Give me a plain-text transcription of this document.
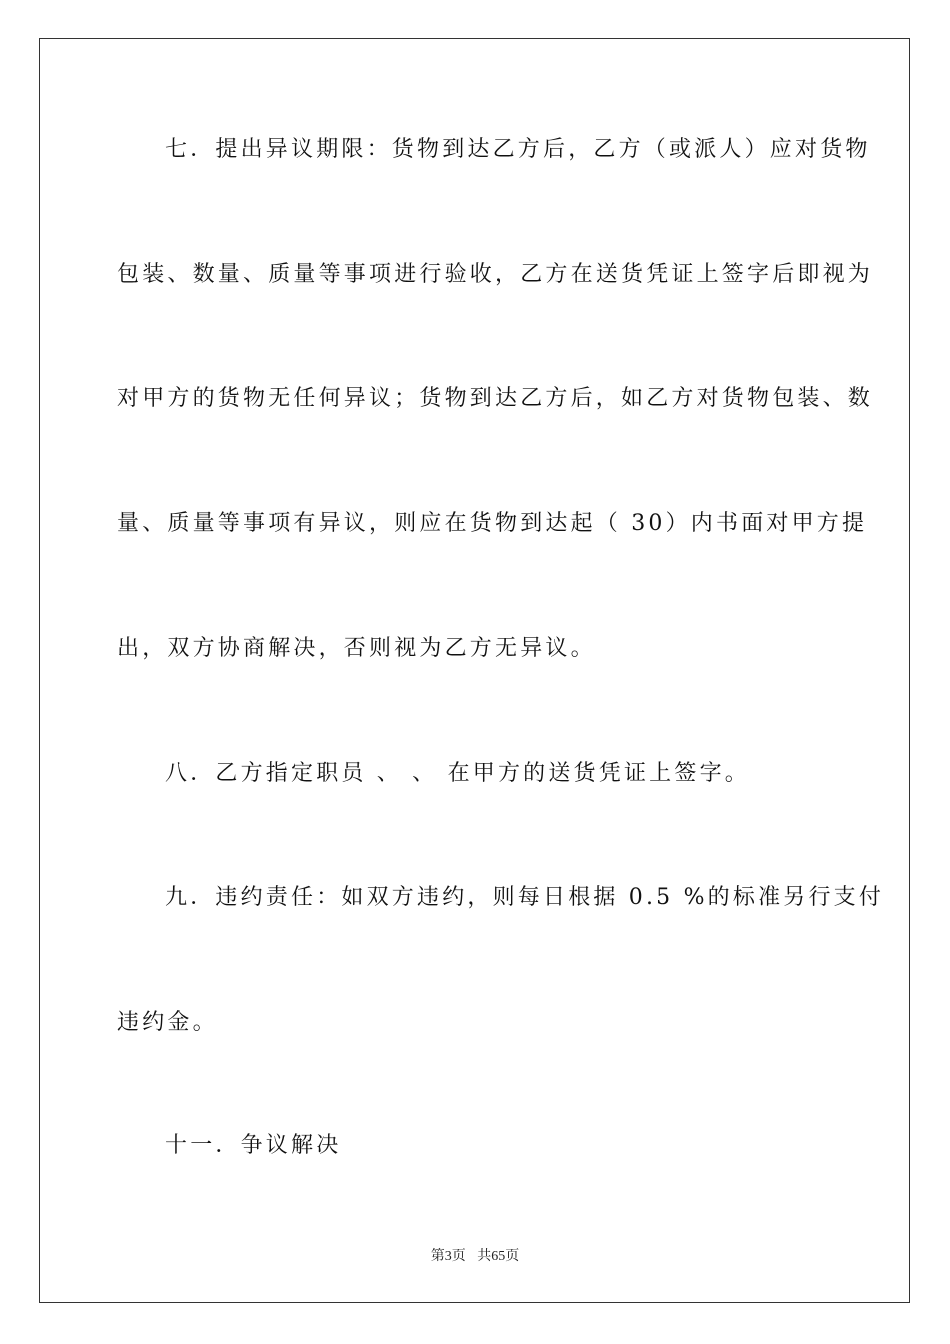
七．提出异议期限：货物到达乙方后，乙方（或派人）应对货物
包装、数量、质量等事项进行验收，乙方在送货凭证上签字后即视为
对甲方的货物无任何异议；货物到达乙方后，如乙方对货物包装、数
量、质量等事项有异议，则应在货物到达起（ 30）内书面对甲方提
出，双方协商解决，否则视为乙方无异议。
八．乙方指定职员 、 、 在甲方的送货凭证上签字。
九．违约责任：如双方违约，则每日根据 0.5 %的标准另行支付
违约金。
十一．争议解决
第3页 共65页
